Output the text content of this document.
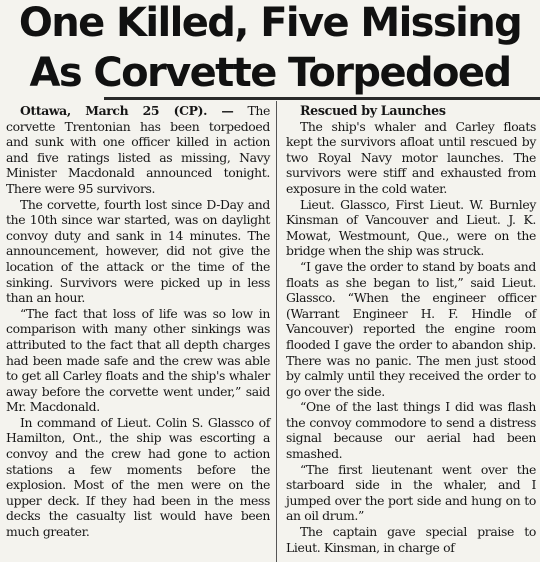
One Killed, Five Missing
As Corvette Torpedoed

Ottawa, March 25 (CP). — The corvette Trentonian has been torpedoed and sunk with one officer killed in action and five ratings listed as missing, Navy Minister Macdonald announced tonight. There were 95 survivors.

The corvette, fourth lost since D-Day and the 10th since war started, was on daylight convoy duty and sank in 14 minutes. The announcement, however, did not give the location of the attack or the time of the sinking. Survivors were picked up in less than an hour.

“The fact that loss of life was so low in comparison with many other sinkings was attributed to the fact that all depth charges had been made safe and the crew was able to get all Carley floats and the ship's whaler away before the corvette went under,” said Mr. Macdonald.

In command of Lieut. Colin S. Glassco of Hamilton, Ont., the ship was escorting a convoy and the crew had gone to action stations a few moments before the explosion. Most of the men were on the upper deck. If they had been in the mess decks the casualty list would have been much greater.

Rescued by Launches

The ship's whaler and Carley floats kept the survivors afloat until rescued by two Royal Navy motor launches. The survivors were stiff and exhausted from exposure in the cold water.

Lieut. Glassco, First Lieut. W. Burnley Kinsman of Vancouver and Lieut. J. K. Mowat, Westmount, Que., were on the bridge when the ship was struck.

“I gave the order to stand by boats and floats as she began to list,” said Lieut. Glassco. “When the engineer officer (Warrant Engineer H. F. Hindle of Vancouver) reported the engine room flooded I gave the order to abandon ship. There was no panic. The men just stood by calmly until they received the order to go over the side.

“One of the last things I did was flash the convoy commodore to send a distress signal because our aerial had been smashed.

“The first lieutenant went over the starboard side in the whaler, and I jumped over the port side and hung on to an oil drum.”

The captain gave special praise to Lieut. Kinsman, in charge of
